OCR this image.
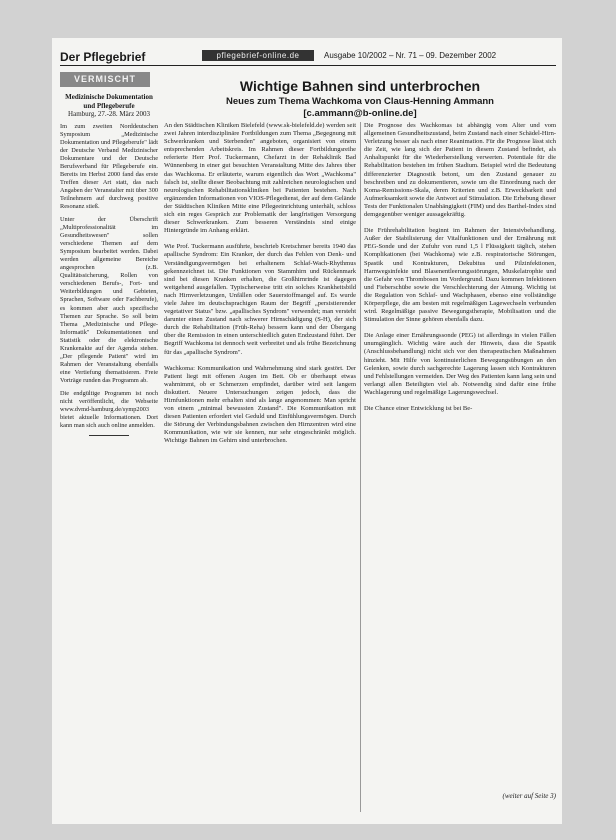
Der Pflegebrief	pflegebrief-online.de	Ausgabe 10/2002 – Nr. 71 – 09. Dezember 2002
VERMISCHT
Medizinische Dokumentation und Pflegeberufe
Hamburg, 27.-28. März 2003

Im zum zweiten Norddeutschen Symposium „Medizinische Dokumentation und Pflegeberufe" lädt der Deutsche Verband Medizinischer Dokumentare und der Deutsche Berufsverband für Pflegeberufe ein. Bereits im Herbst 2000 fand das erste Treffen dieser Art statt, das nach Angaben der Veranstalter mit über 300 Teilnehmern auf durchweg positive Resonanz stieß.

Unter der Überschrift „Multiprofessionalität im Gesundheitswesen" sollen verschiedene Themen auf dem Symposium bearbeitet werden. Dabei werden allgemeine Bereiche angesprochen (z.B. Qualitätssicherung, Rollen von verschiedenen Berufs-, Fort- und Weiterbildungen und Gebieten, Sprachen, Software oder Fachberufe), es kommen aber auch spezifische Themen zur Sprache. So soll beim Thema „Medizinische und Pflege-Informatik" Dokumentationen und Statistik oder die elektronische Krankenakte auf der Agenda stehen. „Der pflegende Patient" wird im Rahmen der Veranstaltung ebenfalls eine Vertiefung thematisieren. Freie Vorträge runden das Programm ab.

Die endgültige Programm ist noch nicht veröffentlicht, die Webseite www.dvmd-hamburg.de/symp2003 bietet aktuelle Informationen. Dort kann man sich auch online anmelden.

Wichtige Bahnen sind unterbrochen
Neues zum Thema Wachkoma von Claus-Henning Ammann
[c.ammann@b-online.de]

An den Städtischen Kliniken Bielefeld (www.sk-bielefeld.de) werden seit zwei Jahren interdisziplinäre Fortbildungen zum Thema „Begegnung mit Schwerkranken und Sterbenden" angeboten, organisiert von einem entsprechenden Arbeitskreis. Im Rahmen dieser Fortbildungsreihe referierte Herr Prof. Tuckermann, Chefarzt in der Rehaklinik Bad Wünnenberg in einer gut besuchten Veranstaltung Mitte des Jahres über das Wachkoma. Er erläuterte, warum eigentlich das Wort „Wachkoma" falsch ist, stellte dieser Beobachtung mit zahlreichen neurologischen und neurologischen Rehabilitationskliniken bei Patienten bestehen. Nach ergänzenden Informationen von VIOS-Pflegedienst, der auf dem Gelände der Städtischen Kliniken Mitte eine Pflegeeinrichtung unterhält, schloss sich ein reges Gespräch zur Problematik der langfristigen Versorgung dieser Schwerkranken. Zum besseren Verständnis sind einige Hintergründe im Anhang erklärt.

Wie Prof. Tuckermann ausführte, beschrieb Kretschmer bereits 1940 das apallische Syndrom: Ein Kranker, der durch das Fehlen von Denk- und Verständigungsvermögen bei erhaltenem Schlaf-Wach-Rhythmus gekennzeichnet ist. Die Funktionen von Stammhirn und Rückenmark sind bei diesen Kranken erhalten, die Großhirnrinde ist dagegen weitgehend ausgefallen. Typischerweise tritt ein solches Krankheitsbild nach Hirnverletzungen, Unfällen oder Sauerstoffmangel auf. Es wurde viele Jahre im deutschsprachigen Raum der Begriff „persistierender vegetativer Status" bzw. „apallisches Syndrom" verwendet; man versteht darunter einen Zustand nach schwerer Hirnschädigung (S-H), der sich durch die Rehabilitation (Früh-Reha) bessern kann und der Übergang über die Remission in einen unterschiedlich guten Endzustand führt. Der Begriff Wachkoma ist dennoch weit verbreitet und als frühe Bezeichnung für das „apallische Syndrom".

Wachkoma: Kommunikation und Wahrnehmung sind stark gestört. Der Patient liegt mit offenen Augen im Bett. Ob er überhaupt etwas wahrnimmt, ob er Schmerzen empfindet, darüber wird seit langem diskutiert. Neuere Untersuchungen zeigen jedoch, dass die Hirnfunktionen mehr erhalten sind als lange angenommen: Man spricht von einem „minimal bewussten Zustand". Die Kommunikation mit diesen Patienten erfordert viel Geduld und Einfühlungsvermögen. Durch die Störung der Verbindungsbahnen zwischen den Hirnzentren wird eine Kommunikation, wie wir sie kennen, nur sehr eingeschränkt möglich. Wichtige Bahnen im Gehirn sind unterbrochen.

Die Prognose des Wachkomas ist abhängig vom Alter und vom allgemeinen Gesundheitszustand, beim Zustand nach einer Schädel-Hirn-Verletzung besser als nach einer Reanimation. Für die Prognose lässt sich die Zeit, wie lang sich der Patient in diesem Zustand befindet, als Anhaltspunkt für die Wiederherstellung verwerten. Potentiale für die Rehabilitation bestehen im frühen Stadium. Beispiel wird die Bedeutung differenzierter Diagnostik betont, um den Zustand genauer zu beschreiben und zu dokumentieren, sowie um die Einordnung nach der Koma-Remissions-Skala, deren Kriterien und z.B. Erweckbarkeit und Aufmerksamkeit sowie die Antwort auf Stimulation. Die Erhebung dieser Tests der Funktionalen Unabhängigkeit (FIM) und des Barthel-Index sind demgegenüber weniger aussagekräftig.

Die Frührehabilitation beginnt im Rahmen der Intensivbehandlung. Außer der Stabilisierung der Vitalfunktionen und der Ernährung mit PEG-Sonde und der Zufuhr von rund 1,5 l Flüssigkeit täglich, stehen Komplikationen (bei Wachkoma) wie z.B. respiratorische Störungen, Spastik und Kontrakturen, Dekubitus und Pilzinfektionen, Harnwegsinfekte und Blasenentleerungsstörungen, Muskelatrophie und die Gefahr von Thrombosen im Vordergrund. Dazu kommen Infektionen und Fieberschübe sowie die Verschlechterung der Atmung. Wichtig ist die Regulation von Schlaf- und Wachphasen, ebenso eine vollständige Körperpflege, die am besten mit regelmäßigen Lagewechseln verbunden wird. Regelmäßige passive Bewegungstherapie, Mobilisation und die Stimulation der Sinne gehören ebenfalls dazu.

Die Anlage einer Ernährungssonde (PEG) ist allerdings in vielen Fällen unumgänglich. Wichtig wäre auch der Hinweis, dass die Spastik (Anschlussbehandlung) nicht sich vor den therapeutischen Maßnahmen hinzieht. Mit Hilfe von kontinuierlichen Bewegungsübungen an den Gelenken, sowie durch sachgerechte Lagerung lassen sich Kontrakturen und Fehlstellungen vermeiden. Der Weg des Patienten kann lang sein und verlangt allen Beteiligten viel ab. Notwendig sind dafür eine frühe Wachlagerung und regelmäßige Lagerungswechsel.

Die Chance einer Entwicklung ist bei Be-

(weiter auf Seite 3)
